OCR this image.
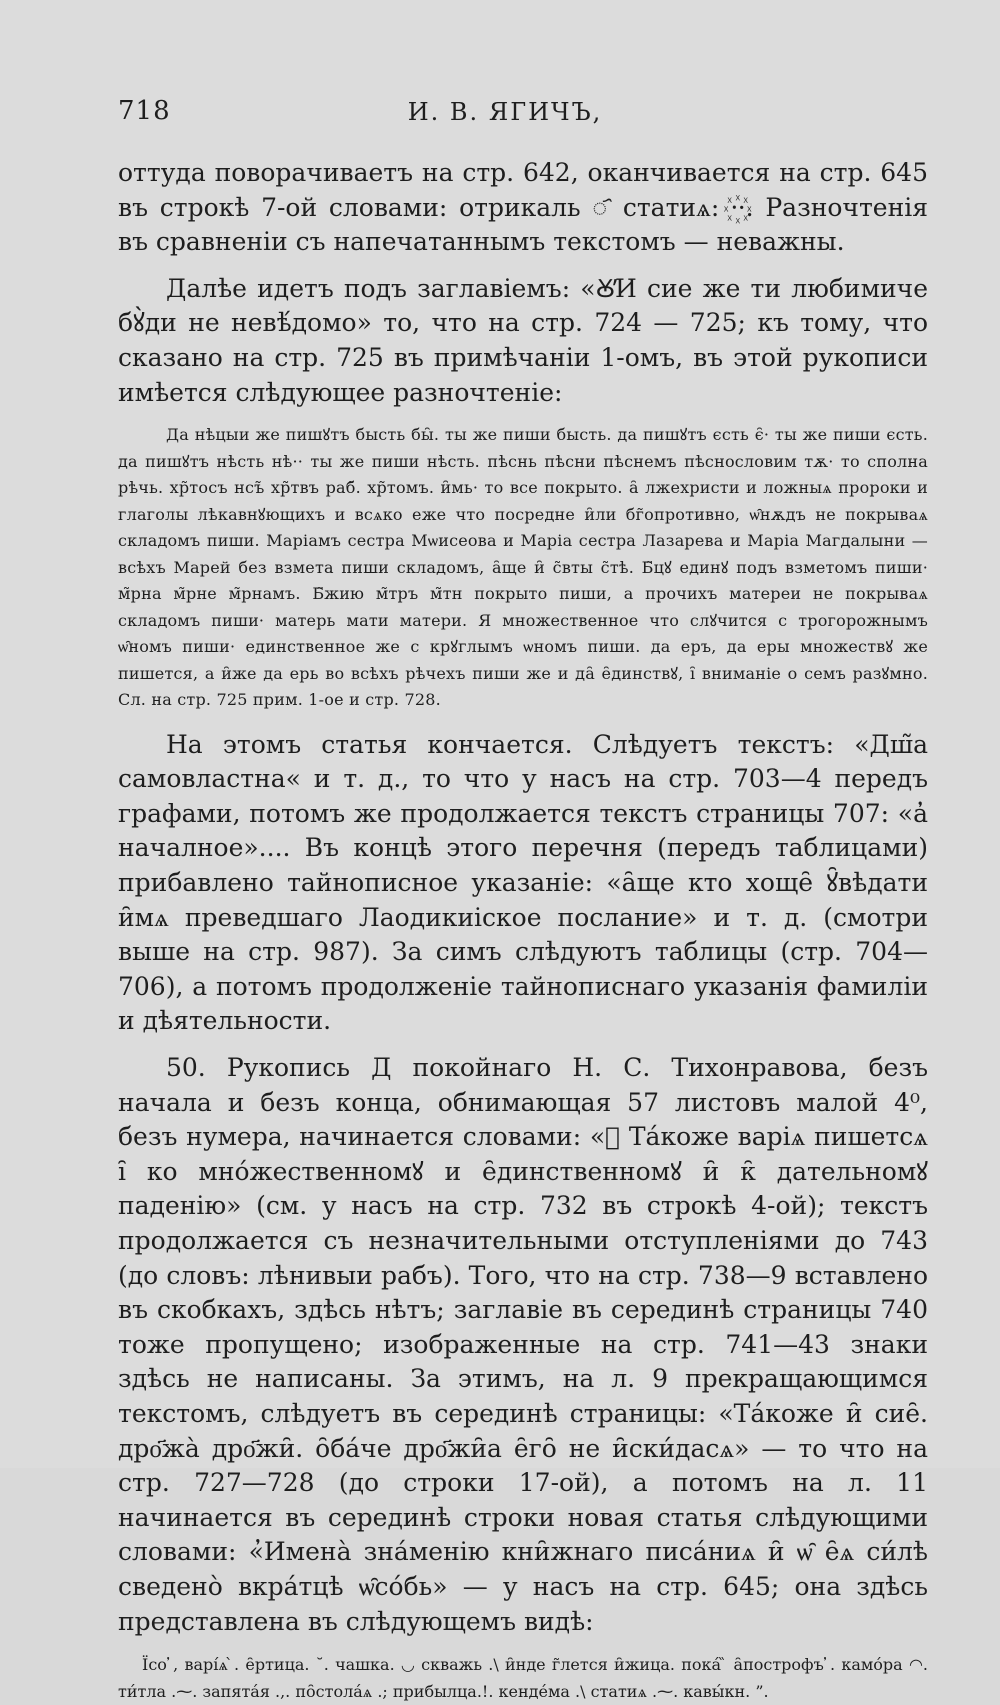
718	И. В. ЯГИЧЪ,

оттуда поворачиваетъ на стр. 642, оканчивается на стр. 645 въ строкѣ 7-ой словами: отрикаль ◌҄ статиѧ: ·꙰·. Разночтенія въ сравненіи съ напечатаннымъ текстомъ — неважны.

Далѣе идетъ подъ заглавіемъ: «Ꙋ̓И сие же ти любимиче бꙋ̀ди не невѣ́домо» то, что на стр. 724 — 725; къ тому, что сказано на стр. 725 въ примѣчаніи 1-омъ, въ этой рукописи имѣется слѣдующее разночтеніе:

Да нѣцыи же пишꙋтъ бысть бы̑. ты же пиши бысть. да пишꙋтъ єсть є̑· ты же пиши єсть. да пишꙋтъ нѣсть нѣ·· ты же пиши нѣсть. пѣснь пѣсни пѣснемъ пѣснословим тѫ· то сполна рѣчь. хр̃тосъ нсъ̃ хр̃твъ раб̃. хр̃томъ. и̑мь· то все покрыто. а̑ лжехристи и ложныѧ пророки и глаголы лѣкавнꙋющихъ и всѧко еже что посредне и̑ли бг̃опротивно, ѡ̑нѫдъ не покрываѧ складомъ пиши. Марiамъ сестра Мѡисеова и Марiа сестра Лазарева и Марiа Магдалыни — всѣхъ Марей без взмета пиши складомъ, а̑ще и̑ с̃вты с̃тѣ. Б̃цꙋ единꙋ подъ взметомъ пиши· м̃рна м̃рне м̃рнамъ. Б̃жию м̃тръ м̃тн покрыто пиши, а прочихъ матереи не покрываѧ складомъ пиши· матерь мати матери. Я множественное что слꙋчится с трогорожнымъ ѡ̑номъ пиши· единственное же с крꙋглымъ ѡномъ пиши. да еръ, да еры множествꙋ же пишется, а и̑же да ерь во всѣхъ рѣчехъ пиши же и да̑ е̑динствꙋ, і̑ вниманіе о семъ разꙋмно. Сл. на стр. 725 прим. 1-ое и стр. 728.

На этомъ статья кончается. Слѣдуетъ текстъ: «Дш̃а самовластна« и т. д., то что у насъ на стр. 703—4 передъ графами, потомъ же продолжается текстъ страницы 707: «а̓ началное».... Въ концѣ этого перечня (передъ таблицами) прибавлено тайнописное указаніе: «а̑ще кто хоще̑ ꙋ̑вѣдати и̑мѧ преведшаго Лаодикиіское послание» и т. д. (смотри выше на стр. 987). За симъ слѣдуютъ таблицы (стр. 704—706), а потомъ продолженіе тайнописнаго указанія фамиліи и дѣятельности.

50. Рукопись Д покойнаго Н. С. Тихонравова, безъ начала и безъ конца, обнимающая 57 листовъ малой 4⁰, безъ нумера, начинается словами: «⃠ Та́коже варіѧ пишетсѧ і̑ ко мно́жественномꙋ и е̑динственномꙋ и̑ к̑ дательномꙋ паденію» (см. у насъ на стр. 732 въ строкѣ 4-ой); текстъ продолжается съ незначительными отступленіями до 743 (до словъ: лѣнивыи рабъ). Того, что на стр. 738—9 вставлено въ скобкахъ, здѣсь нѣтъ; заглавіе въ серединѣ страницы 740 тоже пропущено; изображенные на стр. 741—43 знаки здѣсь не написаны. За этимъ, на л. 9 прекращающимся текстомъ, слѣдуетъ въ серединѣ страницы: «Та́коже и̑ сие̑. дро҃жа̀ дро҃жи̑. о̑ба́че дро҃жи̑а е̑го̑ не и̑ски́дасѧ» — то что на стр. 727—728 (до строки 17-ой), а потомъ на л. 11 начинается въ серединѣ строки новая статья слѣдующими словами: «̓Имена̀ зна́менію кни̑жнаго писа́ниѧ и̑ ѡ̑ е̑ѧ си́лѣ сведено̀ вкра́тцѣ ѡ̑со́бь» — у насъ на стр. 645; она здѣсь представлена въ слѣдующемъ видѣ:

Їсо ̓, варі́ѧ ̀. е̑ртица. ˘. чашка. ◡ скважь .\ и̑нде г̃лется и̑жица. пока́ ̏ а̑построфъ ̓. камо́ра ◠. ти́тла .⁓. запята́я .,. по̑стола́ѧ .; прибылца.!. кенде́ма .\ статиѧ .⁓. кавы́кн. ”.
